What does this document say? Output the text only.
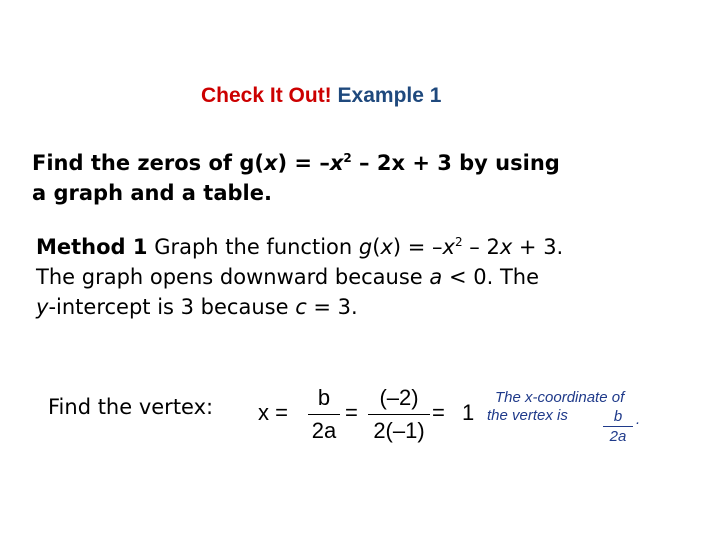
Check It Out! Example 1
Find the zeros of $g(x) = -x^2 - 2x + 3$ by using
a graph and a table.
Method 1 Graph the function $g(x) = -x^2 - 2x + 3$.
The graph opens downward because a < 0. The
y-intercept is 3 because c = 3.
Find the vertex: x =
b
2a
=
(–2)
2(–1)
= 1
The x-coordinate of
the vertex is	b
2a
.
